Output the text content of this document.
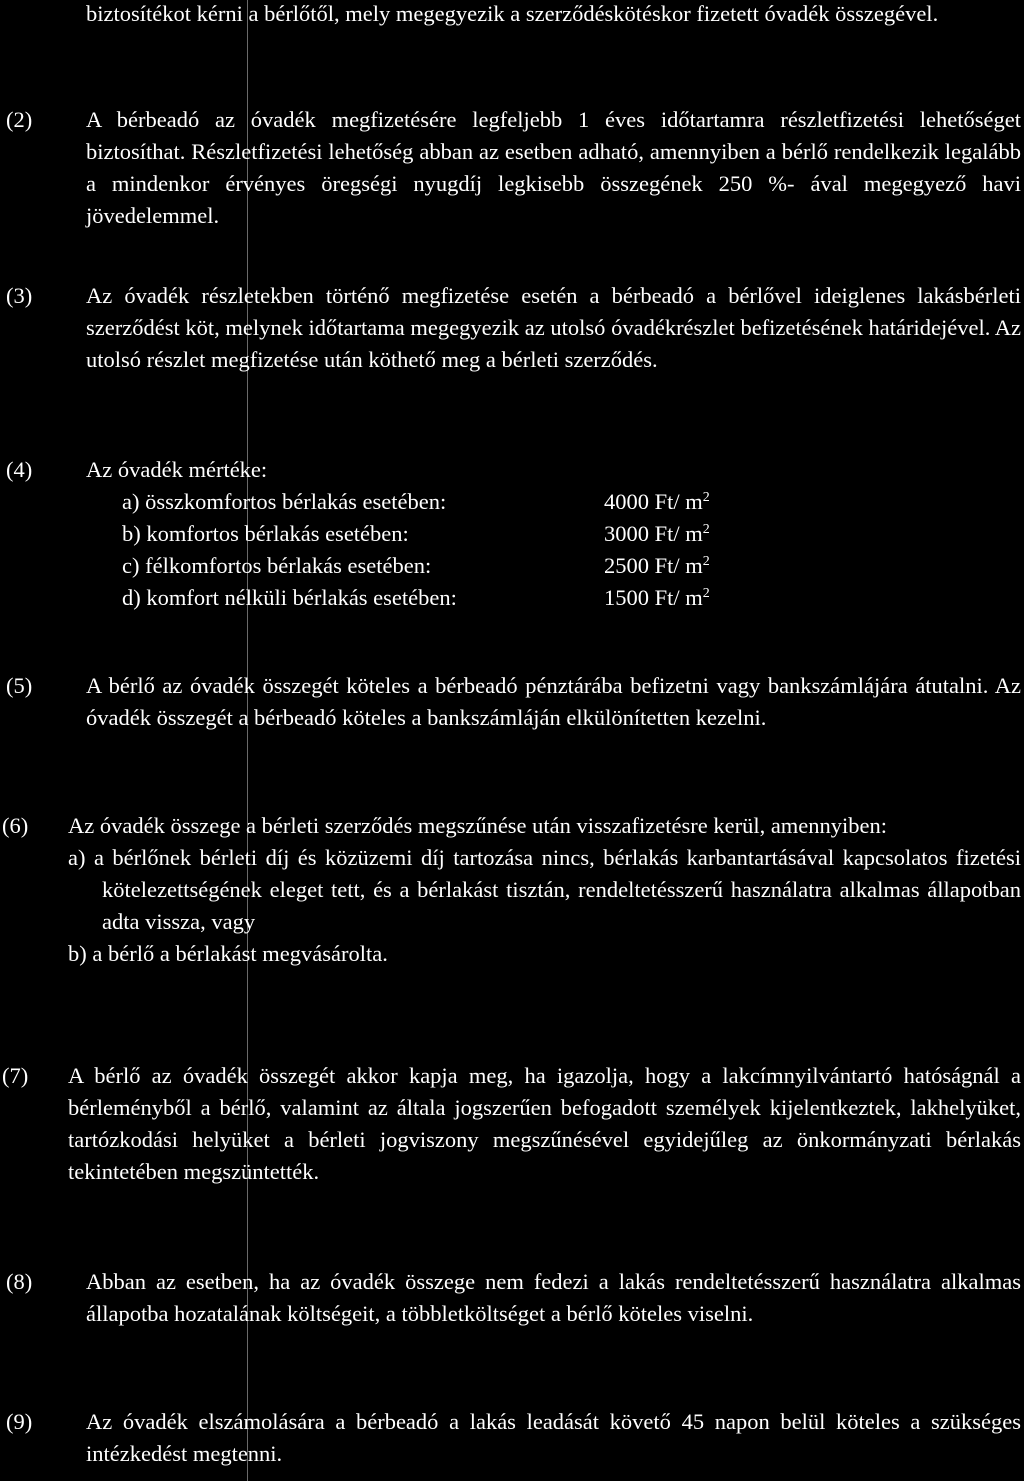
biztosítékot kérni a bérlőtől, mely megegyezik a szerződéskötéskor fizetett óvadék összegével.
(2)	A bérbeadó az óvadék megfizetésére legfeljebb 1 éves időtartamra részletfizetési lehetőséget biztosíthat. Részletfizetési lehetőség abban az esetben adható, amennyiben a bérlő rendelkezik legalább a mindenkor érvényes öregségi nyugdíj legkisebb összegének 250 %- ával megegyező havi jövedelemmel.
(3)	Az óvadék részletekben történő megfizetése esetén a bérbeadó a bérlővel ideiglenes lakásbérleti szerződést köt, melynek időtartama megegyezik az utolsó óvadékrészlet befizetésének határidejével. Az utolsó részlet megfizetése után köthető meg a bérleti szerződés.
(4)	Az óvadék mértéke:
a) összkomfortos bérlakás esetében:	4000 Ft/ $m^2$
b) komfortos bérlakás esetében:	3000 Ft/ $m^2$
c) félkomfortos bérlakás esetében:	2500 Ft/ $m^2$
d) komfort nélküli bérlakás esetében:	1500 Ft/ $m^2$
(5)	A bérlő az óvadék összegét köteles a bérbeadó pénztárába befizetni vagy bankszámlájára átutalni. Az óvadék összegét a bérbeadó köteles a bankszámláján elkülönítetten kezelni.
(6)	Az óvadék összege a bérleti szerződés megszűnése után visszafizetésre kerül, amennyiben:
a) a bérlőnek bérleti díj és közüzemi díj tartozása nincs, bérlakás karbantartásával kapcsolatos fizetési kötelezettségének eleget tett, és a bérlakást tisztán, rendeltetésszerű használatra alkalmas állapotban adta vissza, vagy
b) a bérlő a bérlakást megvásárolta.
(7)	A bérlő az óvadék összegét akkor kapja meg, ha igazolja, hogy a lakcímnyilvántartó hatóságnál a bérleményből a bérlő, valamint az általa jogszerűen befogadott személyek kijelentkeztek, lakhelyüket, tartózkodási helyüket a bérleti jogviszony megszűnésével egyidejűleg az önkormányzati bérlakás tekintetében megszüntették.
(8)	Abban az esetben, ha az óvadék összege nem fedezi a lakás rendeltetésszerű használatra alkalmas állapotba hozatalának költségeit, a többletköltséget a bérlő köteles viselni.
(9)	Az óvadék elszámolására a bérbeadó a lakás leadását követő 45 napon belül köteles a szükséges intézkedést megtenni.
